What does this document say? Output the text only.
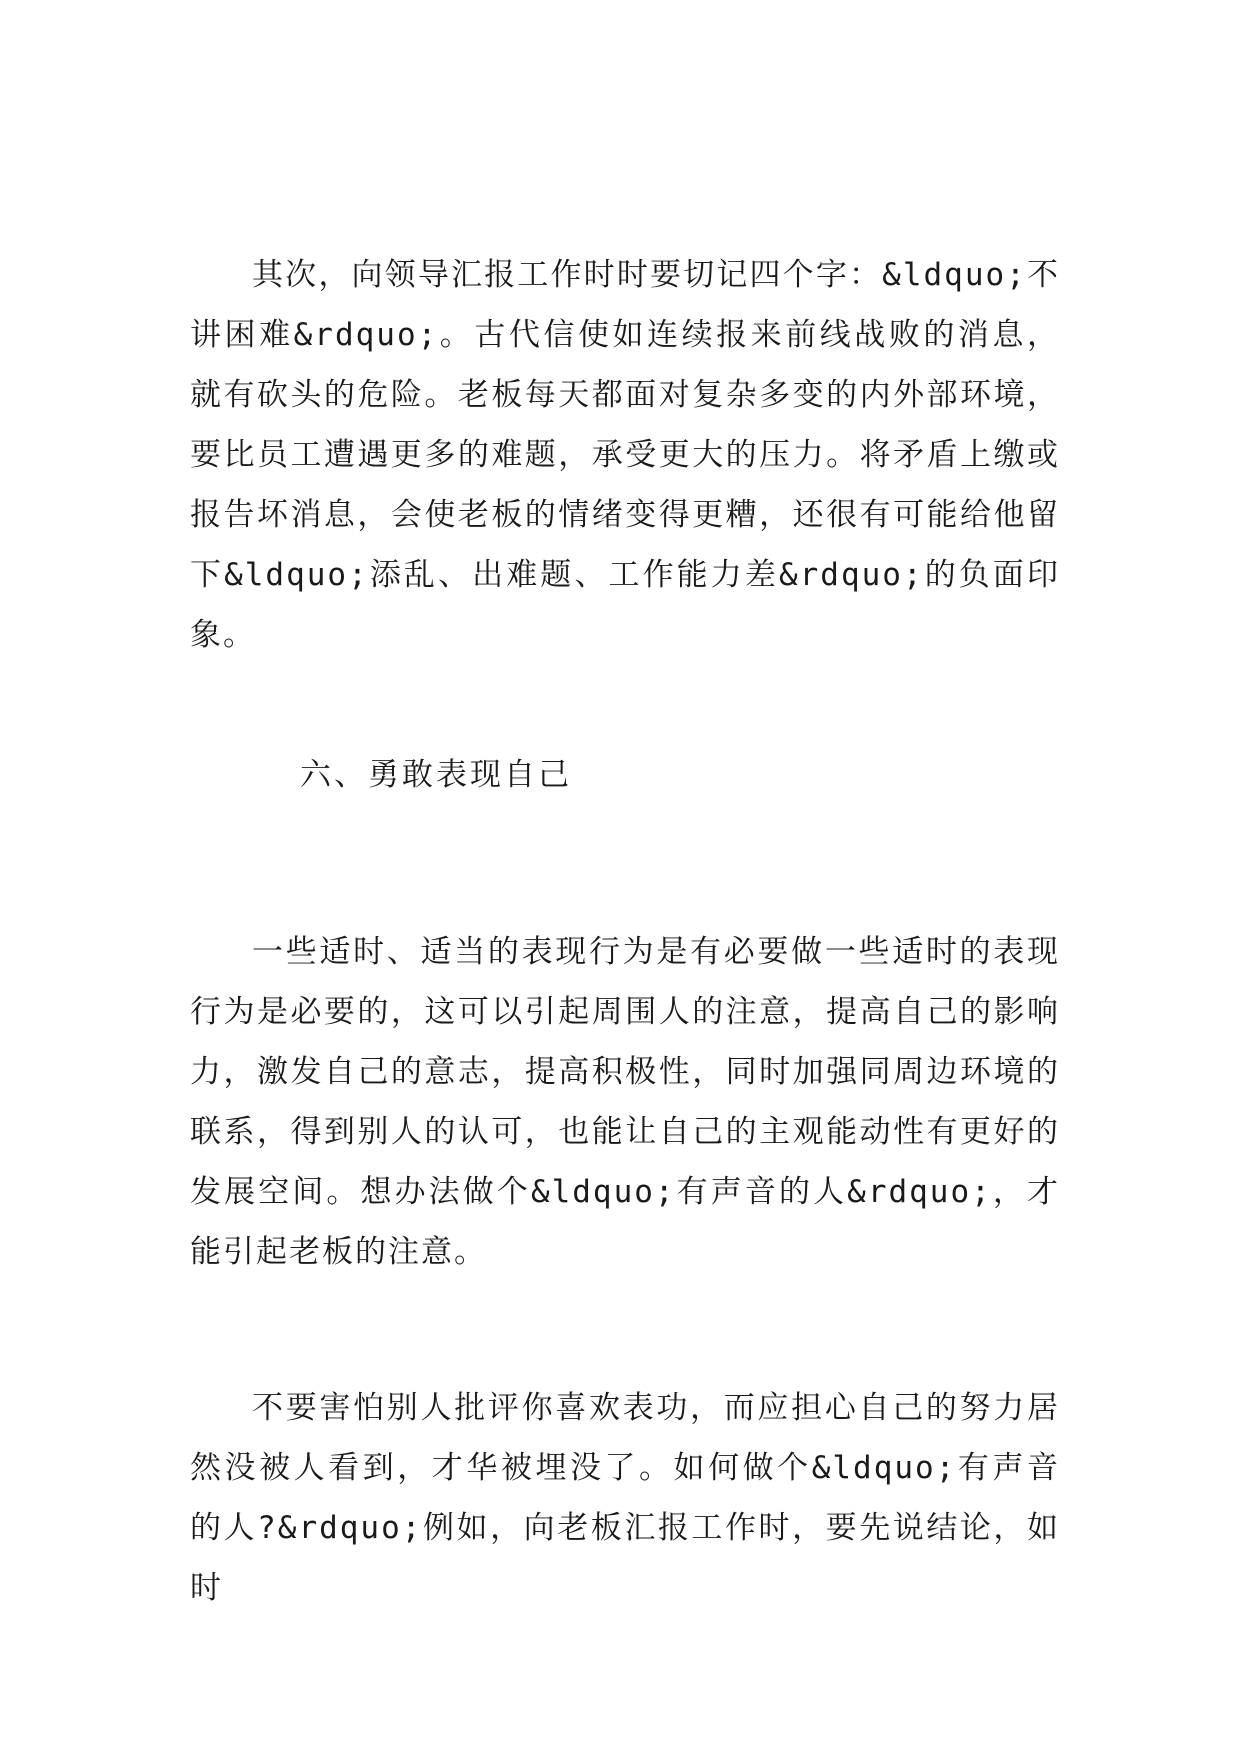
其次，向领导汇报工作时时要切记四个字：&ldquo;不讲困难&rdquo;。古代信使如连续报来前线战败的消息，就有砍头的危险。老板每天都面对复杂多变的内外部环境，要比员工遭遇更多的难题，承受更大的压力。将矛盾上缴或报告坏消息，会使老板的情绪变得更糟，还很有可能给他留下&ldquo;添乱、出难题、工作能力差&rdquo;的负面印象。

六、勇敢表现自己

一些适时、适当的表现行为是有必要做一些适时的表现行为是必要的，这可以引起周围人的注意，提高自己的影响力，激发自己的意志，提高积极性，同时加强同周边环境的联系，得到别人的认可，也能让自己的主观能动性有更好的发展空间。想办法做个&ldquo;有声音的人&rdquo;，才能引起老板的注意。

不要害怕别人批评你喜欢表功，而应担心自己的努力居然没被人看到，才华被埋没了。如何做个&ldquo;有声音的人?&rdquo;例如，向老板汇报工作时，要先说结论，如时
